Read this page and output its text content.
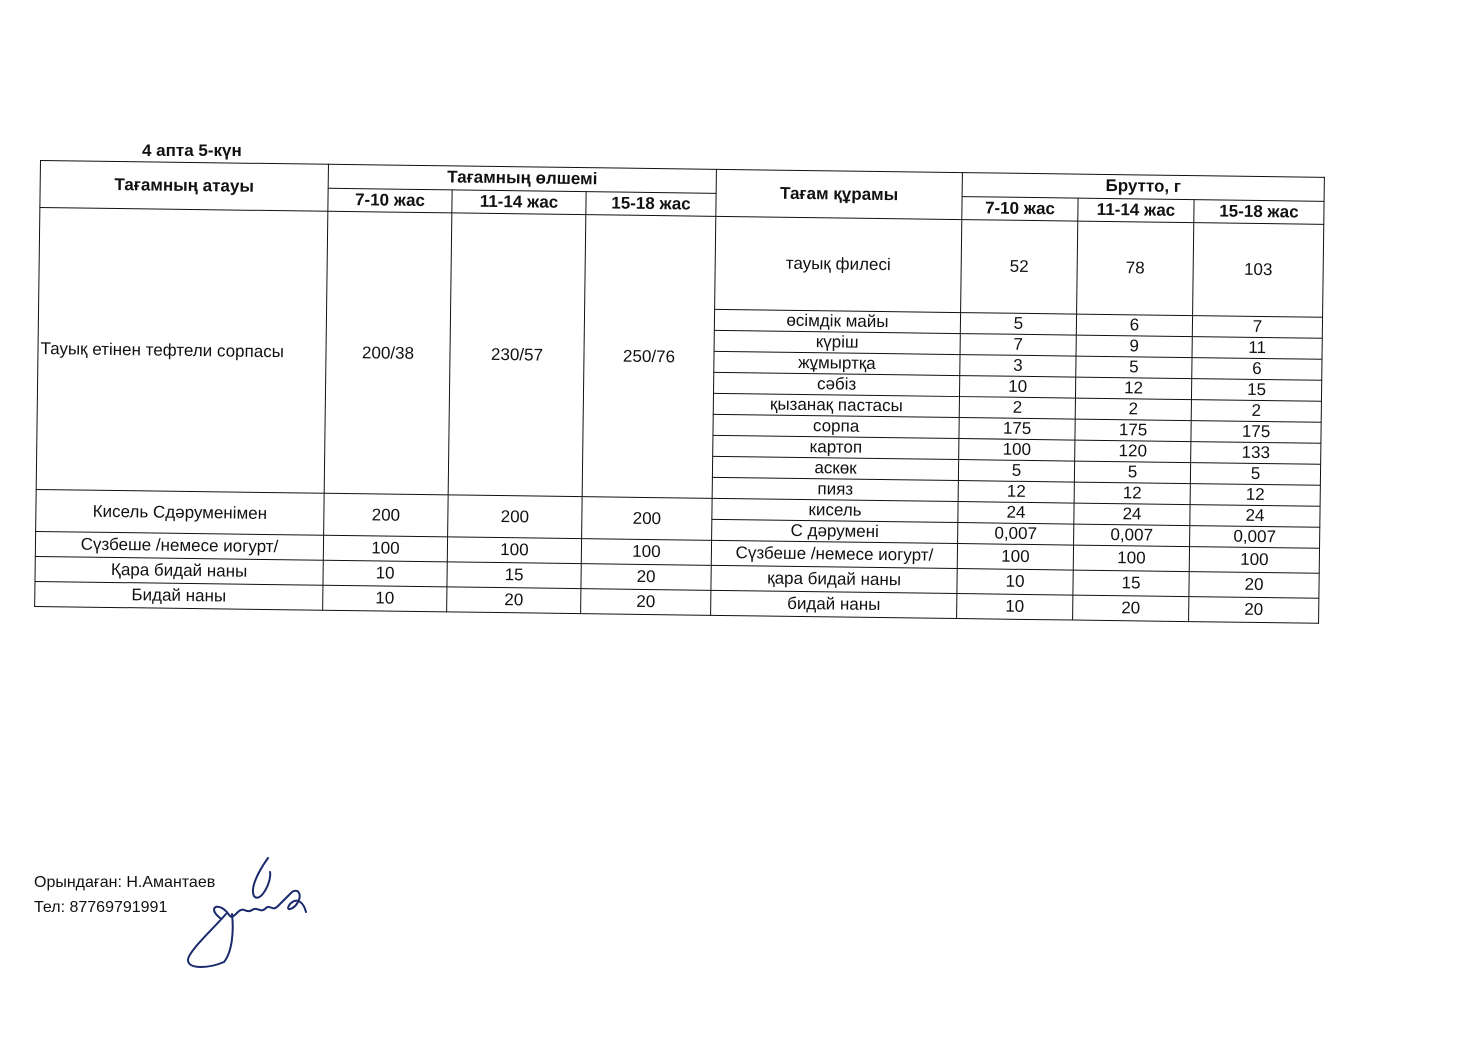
4 апта 5-күн
Тағамның атауы	Тағамның өлшемі			Тағам құрамы	Брутто, г		
	7-10 жас	11-14 жас	15-18 жас		7-10 жас	11-14 жас	15-18 жас
Тауық етінен тефтели сорпасы	200/38	230/57	250/76	тауық филесі	52	78	103
				өсімдік майы	5	6	7
				күріш	7	9	11
				жұмыртқа	3	5	6
				сәбіз	10	12	15
				қызанақ пастасы	2	2	2
				сорпа	175	175	175
				картоп	100	120	133
				аскөк	5	5	5
				пияз	12	12	12
Кисель Сдәруменімен	200	200	200	кисель	24	24	24
				С дәрумені	0,007	0,007	0,007
Сүзбеше /немесе иогурт/	100	100	100	Сүзбеше /немесе иогурт/	100	100	100
Қара бидай наны	10	15	20	қара бидай наны	10	15	20
Бидай наны	10	20	20	бидай наны	10	20	20
Орындаған: Н.Амантаев
Тел: 87769791991
